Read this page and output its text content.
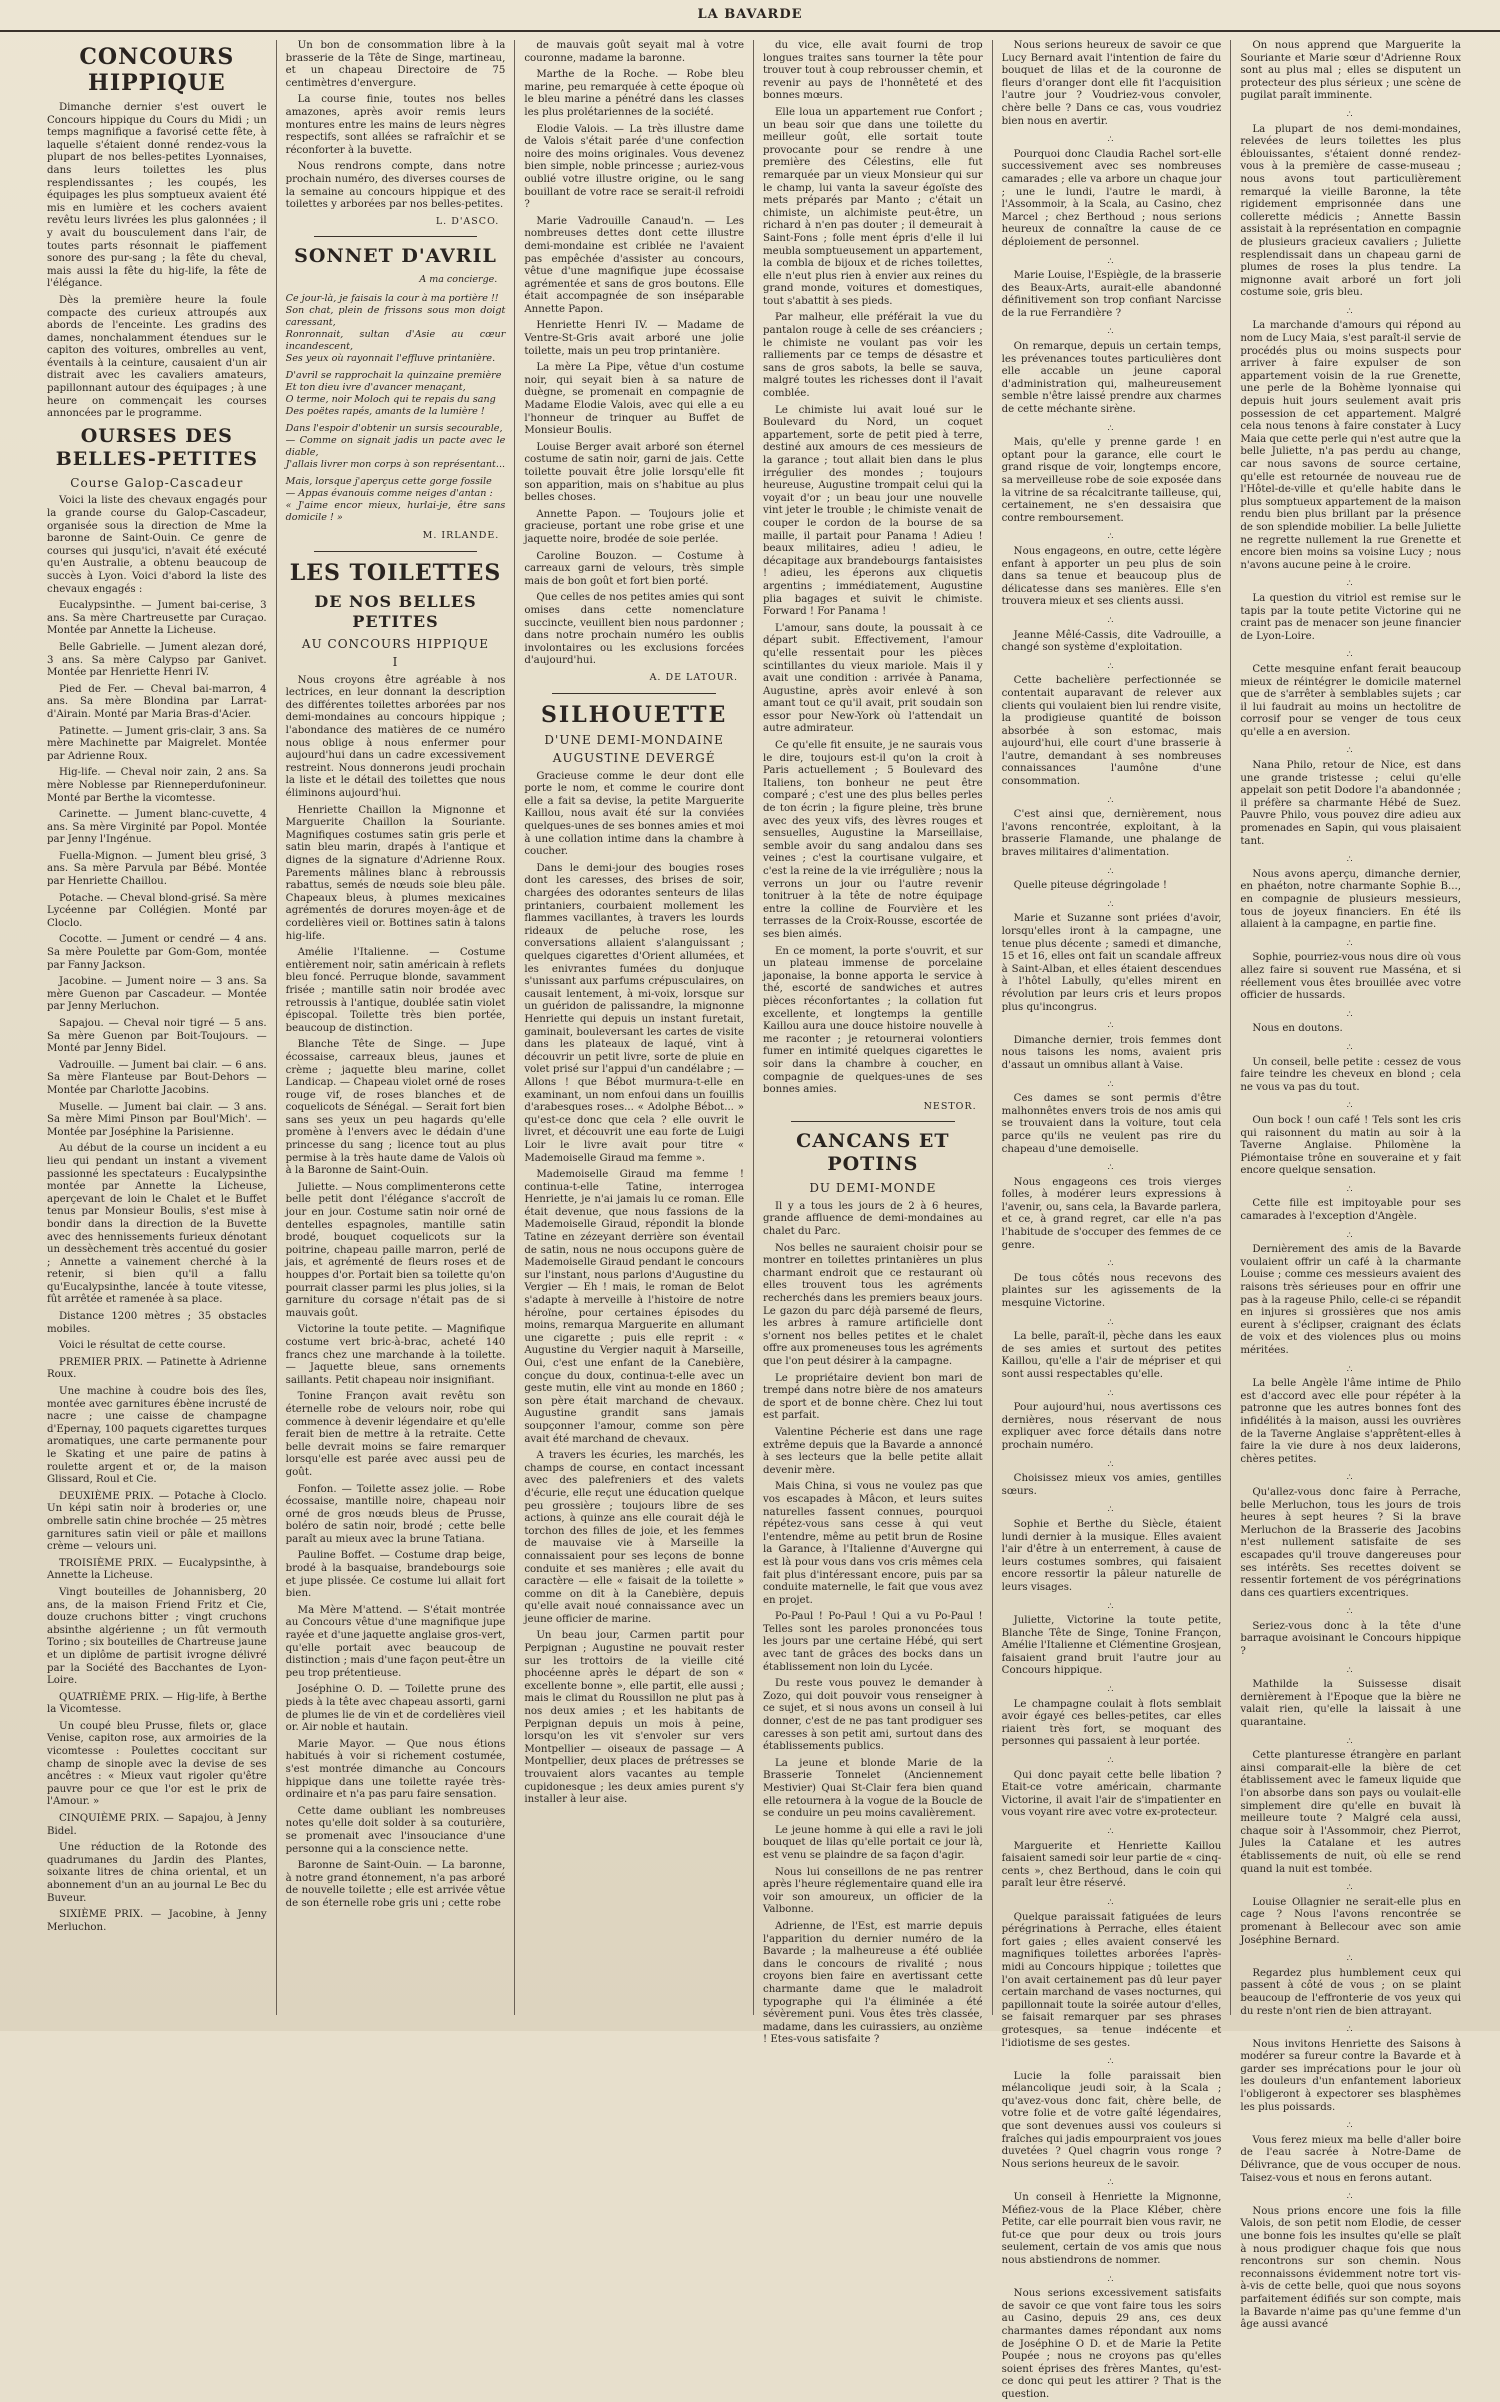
LA BAVARDE
CONCOURS HIPPIQUE

Dimanche dernier s'est ouvert le Concours hippique du Cours du Midi ; un temps magnifique a favorisé cette fête, à laquelle s'étaient donné rendez-vous la plupart de nos belles-petites Lyonnaises, dans leurs toilettes les plus resplendissantes ; les coupés, les équipages les plus somptueux avaient été mis en lumière et les cochers avaient revêtu leurs livrées les plus galonnées ; il y avait du bousculement dans l'air, de toutes parts résonnait le piaffement sonore des pur-sang ; la fête du cheval, mais aussi la fête du hig-life, la fête de l'élégance.

Dès la première heure la foule compacte des curieux attroupés aux abords de l'enceinte. Les gradins des dames, nonchalamment étendues sur le capiton des voitures, ombrelles au vent, éventails à la ceinture, causaient d'un air distrait avec les cavaliers amateurs, papillonnant autour des équipages ; à une heure on commençait les courses annoncées par le programme.

OURSES DES BELLES-PETITES
Course Galop-Cascadeur

Voici la liste des chevaux engagés pour la grande course du Galop-Cascadeur, organisée sous la direction de Mme la baronne de Saint-Ouin. Ce genre de courses qui jusqu'ici, n'avait été exécuté qu'en Australie, a obtenu beaucoup de succès à Lyon. Voici d'abord la liste des chevaux engagés :

Eucalypsinthe. — Jument bai-cerise, 3 ans. Sa mère Chartreusette par Curaçao. Montée par Annette la Licheuse.

Belle Gabrielle. — Jument alezan doré, 3 ans. Sa mère Calypso par Ganivet. Montée par Henriette Henri IV.

Pied de Fer. — Cheval bai-marron, 4 ans. Sa mère Blondina par Larrat-d'Airain. Monté par Maria Bras-d'Acier.

Patinette. — Jument gris-clair, 3 ans. Sa mère Machinette par Maigrelet. Montée par Adrienne Roux.

Hig-life. — Cheval noir zain, 2 ans. Sa mère Noblesse par Rienneperdufonineur. Monté par Berthe la vicomtesse.

Carinette. — Jument blanc-cuvette, 4 ans. Sa mère Virginité par Popol. Montée par Jenny l'Ingénue.

Fuella-Mignon. — Jument bleu grisé, 3 ans. Sa mère Parvula par Bébé. Montée par Henriette Chaillou.

Potache. — Cheval blond-grisé. Sa mère Lycéenne par Collégien. Monté par Cloclo.

Cocotte. — Jument or cendré — 4 ans. Sa mère Poulette par Gom-Gom, montée par Fanny Jackson.

Jacobine. — Jument noire — 3 ans. Sa mère Guenon par Cascadeur. — Montée par Jenny Merluchon.

Sapajou. — Cheval noir tigré — 5 ans. Sa mère Guenon par Boit-Toujours. — Monté par Jenny Bidel.

Vadrouille. — Jument bai clair. — 6 ans. Sa mère Flanteuse par Bout-Dehors — Montée par Charlotte Jacobins.

Muselle. — Jument bai clair. — 3 ans. Sa mère Mimi Pinson par Boul'Mich'. — Montée par Joséphine la Parisienne.

Au début de la course un incident a eu lieu qui pendant un instant a vivement passionné les spectateurs : Eucalypsinthe montée par Annette la Licheuse, aperçevant de loin le Chalet et le Buffet tenus par Monsieur Boulis, s'est mise à bondir dans la direction de la Buvette avec des hennissements furieux dénotant un dessèchement très accentué du gosier ; Annette a vainement cherché à la retenir, si bien qu'il a fallu qu'Eucalypsinthe, lancée à toute vitesse, fût arrêtée et ramenée à sa place.

Distance 1200 mètres ; 35 obstacles mobiles.

Voici le résultat de cette course.

PREMIER PRIX. — Patinette à Adrienne Roux.

Une machine à coudre bois des îles, montée avec garnitures ébène incrusté de nacre ; une caisse de champagne d'Epernay, 100 paquets cigarettes turques aromatiques, une carte permanente pour le Skating et une paire de patins à roulette argent et or, de la maison Glissard, Roul et Cie.

DEUXIÈME PRIX. — Potache à Cloclo. Un képi satin noir à broderies or, une ombrelle satin chine brochée — 25 mètres garnitures satin vieil or pâle et maillons crème — velours uni.

TROISIÈME PRIX. — Eucalypsinthe, à Annette la Licheuse.

Vingt bouteilles de Johannisberg, 20 ans, de la maison Friend Fritz et Cie, douze cruchons bitter ; vingt cruchons absinthe algérienne ; un fût vermouth Torino ; six bouteilles de Chartreuse jaune et un diplôme de partisit ivrogne délivré par la Société des Bacchantes de Lyon-Loire.

QUATRIÈME PRIX. — Hig-life, à Berthe la Vicomtesse.

Un coupé bleu Prusse, filets or, glace Venise, capiton rose, aux armoiries de la vicomtesse : Poulettes coccitant sur champ de sinople avec la devise de ses ancêtres : « Mieux vaut rigoler qu'être pauvre pour ce que l'or est le prix de l'Amour. »

CINQUIÈME PRIX. — Sapajou, à Jenny Bidel.

Une réduction de la Rotonde des quadrumanes du Jardin des Plantes, soixante litres de china oriental, et un abonnement d'un an au journal Le Bec du Buveur.

SIXIÈME PRIX. — Jacobine, à Jenny Merluchon.

Un bon de consommation libre à la brasserie de la Tête de Singe, martineau, et un chapeau Directoire de 75 centimètres d'envergure.

La course finie, toutes nos belles amazones, après avoir remis leurs montures entre les mains de leurs nègres respectifs, sont allées se rafraîchir et se réconforter à la buvette.

Nous rendrons compte, dans notre prochain numéro, des diverses courses de la semaine au concours hippique et des toilettes y arborées par nos belles-petites.

L. D'ASCO.
SONNET D'AVRIL
A ma concierge.
Ce jour-là, je faisais la cour à ma portière !!
Son chat, plein de frissons sous mon doigt caressant,
Ronronnait, sultan d'Asie au cœur incandescent,
Ses yeux où rayonnait l'effluve printanière.
D'avril se rapprochait la quinzaine première
Et ton dieu ivre d'avancer menaçant,
O terme, noir Moloch qui te repais du sang
Des poëtes rapés, amants de la lumière !
Dans l'espoir d'obtenir un sursis secourable,
— Comme on signait jadis un pacte avec le diable,
J'allais livrer mon corps à son représentant...
Mais, lorsque j'aperçus cette gorge fossile
— Appas évanouis comme neiges d'antan :
« J'aime encor mieux, hurlai-je, être sans domicile ! »
M. IRLANDE.
LES TOILETTES
DE NOS BELLES PETITES
AU CONCOURS HIPPIQUE
I

Nous croyons être agréable à nos lectrices, en leur donnant la description des différentes toilettes arborées par nos demi-mondaines au concours hippique ; l'abondance des matières de ce numéro nous oblige à nous enfermer pour aujourd'hui dans un cadre excessivement restreint. Nous donnerons jeudi prochain la liste et le détail des toilettes que nous éliminons aujourd'hui.

Henriette Chaillon la Mignonne et Marguerite Chaillon la Souriante. Magnifiques costumes satin gris perle et satin bleu marin, drapés à l'antique et dignes de la signature d'Adrienne Roux. Parements mâlines blanc à rebroussis rabattus, semés de nœuds soie bleu pâle. Chapeaux bleus, à plumes mexicaines agrémentés de dorures moyen-âge et de cordelières vieil or. Bottines satin à talons hig-life.

Amélie l'Italienne. — Costume entièrement noir, satin américain à reflets bleu foncé. Perruque blonde, savamment frisée ; mantille satin noir brodée avec retroussis à l'antique, doublée satin violet épiscopal. Toilette très bien portée, beaucoup de distinction.

Blanche Tête de Singe. — Jupe écossaise, carreaux bleus, jaunes et crème ; jaquette bleu marine, collet Landicap. — Chapeau violet orné de roses rouge vif, de roses blanches et de coquelicots de Sénégal. — Serait fort bien sans ses yeux un peu hagards qu'elle promène à l'envers avec le dédain d'une princesse du sang ; licence tout au plus permise à la très haute dame de Valois où à la Baronne de Saint-Ouin.

Juliette. — Nous complimenterons cette belle petit dont l'élégance s'accroît de jour en jour. Costume satin noir orné de dentelles espagnoles, mantille satin brodé, bouquet coquelicots sur la poitrine, chapeau paille marron, perlé de jais, et agrémenté de fleurs roses et de houppes d'or. Portait bien sa toilette qu'on pourrait classer parmi les plus jolies, si la garniture du corsage n'était pas de si mauvais goût.

Victorine la toute petite. — Magnifique costume vert bric-à-brac, acheté 140 francs chez une marchande à la toilette. — Jaquette bleue, sans ornements saillants. Petit chapeau noir insignifiant.

Tonine Françon avait revêtu son éternelle robe de velours noir, robe qui commence à devenir légendaire et qu'elle ferait bien de mettre à la retraite. Cette belle devrait moins se faire remarquer lorsqu'elle est parée avec aussi peu de goût.

Fonfon. — Toilette assez jolie. — Robe écossaise, mantille noire, chapeau noir orné de gros nœuds bleus de Prusse, boléro de satin noir, brodé ; cette belle paraît au mieux avec la brune Tatiana.

Pauline Boffet. — Costume drap beige, brodé à la basquaise, brandebourgs soie et jupe plissée. Ce costume lui allait fort bien.

Ma Mère M'attend. — S'était montrée au Concours vêtue d'une magnifique jupe rayée et d'une jaquette anglaise gros-vert, qu'elle portait avec beaucoup de distinction ; mais d'une façon peut-être un peu trop prétentieuse.

Joséphine O. D. — Toilette prune des pieds à la tête avec chapeau assorti, garni de plumes lie de vin et de cordelières vieil or. Air noble et hautain.

Marie Mayor. — Que nous étions habitués à voir si richement costumée, s'est montrée dimanche au Concours hippique dans une toilette rayée très-ordinaire et n'a pas paru faire sensation.

Cette dame oubliant les nombreuses notes qu'elle doit solder à sa couturière, se promenait avec l'insouciance d'une personne qui a la conscience nette.

Baronne de Saint-Ouin. — La baronne, à notre grand étonnement, n'a pas arboré de nouvelle toilette ; elle est arrivée vêtue de son éternelle robe gris uni ; cette robe

de mauvais goût seyait mal à votre couronne, madame la baronne.

Marthe de la Roche. — Robe bleu marine, peu remarquée à cette époque où le bleu marine a pénétré dans les classes les plus prolétariennes de la société.

Elodie Valois. — La très illustre dame de Valois s'était parée d'une confection noire des moins originales. Vous devenez bien simple, noble princesse ; auriez-vous oublié votre illustre origine, ou le sang bouillant de votre race se serait-il refroidi ?

Marie Vadrouille Canaud'n. — Les nombreuses dettes dont cette illustre demi-mondaine est criblée ne l'avaient pas empêchée d'assister au concours, vêtue d'une magnifique jupe écossaise agrémentée et sans de gros boutons. Elle était accompagnée de son inséparable Annette Papon.

Henriette Henri IV. — Madame de Ventre-St-Gris avait arboré une jolie toilette, mais un peu trop printanière.

La mère La Pipe, vêtue d'un costume noir, qui seyait bien à sa nature de duègne, se promenait en compagnie de Madame Elodie Valois, avec qui elle a eu l'honneur de trinquer au Buffet de Monsieur Boulis.

Louise Berger avait arboré son éternel costume de satin noir, garni de jais. Cette toilette pouvait être jolie lorsqu'elle fit son apparition, mais on s'habitue au plus belles choses.

Annette Papon. — Toujours jolie et gracieuse, portant une robe grise et une jaquette noire, brodée de soie perlée.

Caroline Bouzon. — Costume à carreaux garni de velours, très simple mais de bon goût et fort bien porté.

Que celles de nos petites amies qui sont omises dans cette nomenclature succincte, veuillent bien nous pardonner ; dans notre prochain numéro les oublis involontaires ou les exclusions forcées d'aujourd'hui.

A. DE LATOUR.
SILHOUETTE
D'UNE DEMI-MONDAINE
AUGUSTINE DEVERGÉ

Gracieuse comme le deur dont elle porte le nom, et comme le courire dont elle a fait sa devise, la petite Marguerite Kaillou, nous avait été sur la conviées quelques-unes de ses bonnes amies et moi à une collation intime dans la chambre à coucher.

Dans le demi-jour des bougies roses dont les caresses, des brises de soir, chargées des odorantes senteurs de lilas printaniers, courbaient mollement les flammes vacillantes, à travers les lourds rideaux de peluche rose, les conversations allaient s'alanguissant ; quelques cigarettes d'Orient allumées, et les enivrantes fumées du donjuque s'unissant aux parfums crépusculaires, on causait lentement, à mi-voix, lorsque sur un guéridon de palissandre, la mignonne Henriette qui depuis un instant furetait, gaminait, bouleversant les cartes de visite dans les plateaux de laqué, vint à découvrir un petit livre, sorte de pluie en volet prisé sur l'appui d'un candélabre ; — Allons ! que Bébot murmura-t-elle en examinant, un nom enfoui dans un fouillis d'arabesques roses... « Adolphe Bébot... » qu'est-ce donc que cela ? elle ouvrit le livret, et découvrit une eau forte de Luigi Loir le livre avait pour titre « Mademoiselle Giraud ma femme ».

Mademoiselle Giraud ma femme ! continua-t-elle Tatine, interrogea Henriette, je n'ai jamais lu ce roman. Elle était devenue, que nous fassions de la Mademoiselle Giraud, répondit la blonde Tatine en zézeyant derrière son éventail de satin, nous ne nous occupons guère de Mademoiselle Giraud pendant le concours sur l'instant, nous parlons d'Augustine du Vergier — Eh ! mais, le roman de Belot s'adapte à merveille à l'histoire de notre héroïne, pour certaines épisodes du moins, remarqua Marguerite en allumant une cigarette ; puis elle reprit : « Augustine du Vergier naquit à Marseille, Oui, c'est une enfant de la Canebière, conçue du doux, continua-t-elle avec un geste mutin, elle vint au monde en 1860 ; son père était marchand de chevaux. Augustine grandit sans jamais soupçonner l'amour, comme son père avait été marchand de chevaux.

A travers les écuries, les marchés, les champs de course, en contact incessant avec des palefreniers et des valets d'écurie, elle reçut une éducation quelque peu grossière ; toujours libre de ses actions, à quinze ans elle courait déjà le torchon des filles de joie, et les femmes de mauvaise vie à Marseille la connaissaient pour ses leçons de bonne conduite et ses manières ; elle avait du caractère — elle « faisait de la toilette » comme on dit à la Canebière, depuis qu'elle avait noué connaissance avec un jeune officier de marine.

Un beau jour, Carmen partit pour Perpignan ; Augustine ne pouvait rester sur les trottoirs de la vieille cité phocéenne après le départ de son « excellente bonne », elle partit, elle aussi ; mais le climat du Roussillon ne plut pas à nos deux amies ; et les habitants de Perpignan depuis un mois à peine, lorsqu'on les vit s'envoler sur vers Montpellier — oiseaux de passage — A Montpellier, deux places de prétresses se trouvaient alors vacantes au temple cupidonesque ; les deux amies purent s'y installer à leur aise.

du vice, elle avait fourni de trop longues traites sans tourner la tête pour trouver tout à coup rebrousser chemin, et revenir au pays de l'honnêteté et des bonnes mœurs.

Elle loua un appartement rue Confort ; un beau soir que dans une toilette du meilleur goût, elle sortait toute provocante pour se rendre à une première des Célestins, elle fut remarquée par un vieux Monsieur qui sur le champ, lui vanta la saveur égoïste des mets préparés par Manto ; c'était un chimiste, un alchimiste peut-être, un richard à n'en pas douter ; il demeurait à Saint-Fons ; folle ment épris d'elle il lui meubla somptueusement un appartement, la combla de bijoux et de riches toilettes, elle n'eut plus rien à envier aux reines du grand monde, voitures et domestiques, tout s'abattit à ses pieds.

Par malheur, elle préférait la vue du pantalon rouge à celle de ses créanciers ; le chimiste ne voulant pas voir les ralliements par ce temps de désastre et sans de gros sabots, la belle se sauva, malgré toutes les richesses dont il l'avait comblée.

Le chimiste lui avait loué sur le Boulevard du Nord, un coquet appartement, sorte de petit pied à terre, destiné aux amours de ces messieurs de la garance ; tout allait bien dans le plus irrégulier des mondes ; toujours heureuse, Augustine trompait celui qui la voyait d'or ; un beau jour une nouvelle vint jeter le trouble ; le chimiste venait de couper le cordon de la bourse de sa maille, il partait pour Panama ! Adieu ! beaux militaires, adieu ! adieu, le décapitage aux brandebourgs fantaisistes ! adieu, les éperons aux cliquetis argentins ; immédiatement, Augustine plia bagages et suivit le chimiste. Forward ! For Panama !

L'amour, sans doute, la poussait à ce départ subit. Effectivement, l'amour qu'elle ressentait pour les pièces scintillantes du vieux mariole. Mais il y avait une condition : arrivée à Panama, Augustine, après avoir enlevé à son amant tout ce qu'il avait, prit soudain son essor pour New-York où l'attendait un autre admirateur.

Ce qu'elle fit ensuite, je ne saurais vous le dire, toujours est-il qu'on la croit à Paris actuellement ; 5 Boulevard des Italiens, ton bonheur ne peut être comparé ; c'est une des plus belles perles de ton écrin ; la figure pleine, très brune avec des yeux vifs, des lèvres rouges et sensuelles, Augustine la Marseillaise, semble avoir du sang andalou dans ses veines ; c'est la courtisane vulgaire, et c'est la reine de la vie irrégulière ; nous la verrons un jour ou l'autre revenir tonitruer à la tête de notre équipage entre la colline de Fourvière et les terrasses de la Croix-Rousse, escortée de ses bien aimés.

En ce moment, la porte s'ouvrit, et sur un plateau immense de porcelaine japonaise, la bonne apporta le service à thé, escorté de sandwiches et autres pièces réconfortantes ; la collation fut excellente, et longtemps la gentille Kaillou aura une douce histoire nouvelle à me raconter ; je retournerai volontiers fumer en intimité quelques cigarettes le soir dans la chambre à coucher, en compagnie de quelques-unes de ses bonnes amies.

NESTOR.
CANCANS ET POTINS
DU DEMI-MONDE

Il y a tous les jours de 2 à 6 heures, grande affluence de demi-mondaines au chalet du Parc.

Nos belles ne sauraient choisir pour se montrer en toilettes printanières un plus charmant endroit que ce restaurant où elles trouvent tous les agréments recherchés dans les premiers beaux jours. Le gazon du parc déjà parsemé de fleurs, les arbres à ramure artificielle dont s'ornent nos belles petites et le chalet offre aux promeneuses tous les agréments que l'on peut désirer à la campagne.

Le propriétaire devient bon mari de trempé dans notre bière de nos amateurs de sport et de bonne chère. Chez lui tout est parfait.

Valentine Pécherie est dans une rage extrême depuis que la Bavarde a annoncé à ses lecteurs que la belle petite allait devenir mère.

Mais China, si vous ne voulez pas que vos escapades à Mâcon, et leurs suites naturelles fassent connues, pourquoi répétez-vous sans cesse à qui veut l'entendre, même au petit brun de Rosine la Garance, à l'Italienne d'Auvergne qui est là pour vous dans vos cris mêmes cela fait plus d'intéressant encore, puis par sa conduite maternelle, le fait que vous avez en projet.

Po-Paul ! Po-Paul ! Qui a vu Po-Paul ! Telles sont les paroles prononcées tous les jours par une certaine Hébé, qui sert avec tant de grâces des bocks dans un établissement non loin du Lycée.

Du reste vous pouvez le demander à Zozo, qui doit pouvoir vous renseigner à ce sujet, et si nous avons un conseil à lui donner, c'est de ne pas tant prodiguer ses caresses à son petit ami, surtout dans des établissements publics.

La jeune et blonde Marie de la Brasserie Tonnelet (Anciennement Mestivier) Quai St-Clair fera bien quand elle retournera à la vogue de la Boucle de se conduire un peu moins cavalièrement.

Le jeune homme à qui elle a ravi le joli bouquet de lilas qu'elle portait ce jour là, est venu se plaindre de sa façon d'agir.

Nous lui conseillons de ne pas rentrer après l'heure réglementaire quand elle ira voir son amoureux, un officier de la Valbonne.

Adrienne, de l'Est, est marrie depuis l'apparition du dernier numéro de la Bavarde ; la malheureuse a été oubliée dans le concours de rivalité ; nous croyons bien faire en avertissant cette charmante dame que le maladroit typographe qui l'a éliminée a été sévèrement puni. Vous êtes très classée, madame, dans les cuirassiers, au onzième ! Etes-vous satisfaite ?

Nous serions heureux de savoir ce que Lucy Bernard avait l'intention de faire du bouquet de lilas et de la couronne de fleurs d'oranger dont elle fit l'acquisition l'autre jour ? Voudriez-vous convoler, chère belle ? Dans ce cas, vous voudriez bien nous en avertir.

∴

Pourquoi donc Claudia Rachel sort-elle successivement avec ses nombreuses camarades ; elle va arbore un chaque jour ; une le lundi, l'autre le mardi, à l'Assommoir, à la Scala, au Casino, chez Marcel ; chez Berthoud ; nous serions heureux de connaître la cause de ce déploiement de personnel.

∴

Marie Louise, l'Espiègle, de la brasserie des Beaux-Arts, aurait-elle abandonné définitivement son trop confiant Narcisse de la rue Ferrandière ?

∴

On remarque, depuis un certain temps, les prévenances toutes particulières dont elle accable un jeune caporal d'administration qui, malheureusement semble n'être laissé prendre aux charmes de cette méchante sirène.

∴

Mais, qu'elle y prenne garde ! en optant pour la garance, elle court le grand risque de voir, longtemps encore, sa merveilleuse robe de soie exposée dans la vitrine de sa récalcitrante tailleuse, qui, certainement, ne s'en dessaisira que contre remboursement.

∴

Nous engageons, en outre, cette légère enfant à apporter un peu plus de soin dans sa tenue et beaucoup plus de délicatesse dans ses manières. Elle s'en trouvera mieux et ses clients aussi.

∴

Jeanne Mêlé-Cassis, dite Vadrouille, a changé son système d'exploitation.

∴

Cette bachelière perfectionnée se contentait auparavant de relever aux clients qui voulaient bien lui rendre visite, la prodigieuse quantité de boisson absorbée à son estomac, mais aujourd'hui, elle court d'une brasserie à l'autre, demandant à ses nombreuses connaissances l'aumône d'une consommation.

∴

C'est ainsi que, dernièrement, nous l'avons rencontrée, exploitant, à la brasserie Flamande, une phalange de braves militaires d'alimentation.

∴

Quelle piteuse dégringolade !

∴

Marie et Suzanne sont priées d'avoir, lorsqu'elles iront à la campagne, une tenue plus décente ; samedi et dimanche, 15 et 16, elles ont fait un scandale affreux à Saint-Alban, et elles étaient descendues à l'hôtel Labully, qu'elles mirent en révolution par leurs cris et leurs propos plus qu'incongrus.

∴

Dimanche dernier, trois femmes dont nous taisons les noms, avaient pris d'assaut un omnibus allant à Vaise.

∴

Ces dames se sont permis d'être malhonnêtes envers trois de nos amis qui se trouvaient dans la voiture, tout cela parce qu'ils ne veulent pas rire du chapeau d'une demoiselle.

∴

Nous engageons ces trois vierges folles, à modérer leurs expressions à l'avenir, ou, sans cela, la Bavarde parlera, et ce, à grand regret, car elle n'a pas l'habitude de s'occuper des femmes de ce genre.

∴

De tous côtés nous recevons des plaintes sur les agissements de la mesquine Victorine.

∴

La belle, paraît-il, pèche dans les eaux de ses amies et surtout des petites Kaillou, qu'elle a l'air de mépriser et qui sont aussi respectables qu'elle.

∴

Pour aujourd'hui, nous avertissons ces dernières, nous réservant de nous expliquer avec force détails dans notre prochain numéro.

∴

Choisissez mieux vos amies, gentilles sœurs.

∴

Sophie et Berthe du Siècle, étaient lundi dernier à la musique. Elles avaient l'air d'être à un enterrement, à cause de leurs costumes sombres, qui faisaient encore ressortir la pâleur naturelle de leurs visages.

∴

Juliette, Victorine la toute petite, Blanche Tête de Singe, Tonine Françon, Amélie l'Italienne et Clémentine Grosjean, faisaient grand bruit l'autre jour au Concours hippique.

∴

Le champagne coulait à flots semblait avoir égayé ces belles-petites, car elles riaient très fort, se moquant des personnes qui passaient à leur portée.

∴

Qui donc payait cette belle libation ? Etait-ce votre américain, charmante Victorine, il avait l'air de s'impatienter en vous voyant rire avec votre ex-protecteur.

∴

Marguerite et Henriette Kaillou faisaient samedi soir leur partie de « cinq-cents », chez Berthoud, dans le coin qui paraît leur être réservé.

∴

Quelque paraissait fatiguées de leurs pérégrinations à Perrache, elles étaient fort gaies ; elles avaient conservé les magnifiques toilettes arborées l'après-midi au Concours hippique ; toilettes que l'on avait certainement pas dû leur payer certain marchand de vases nocturnes, qui papillonnait toute la soirée autour d'elles, se faisait remarquer par ses phrases grotesques, sa tenue indécente et l'idiotisme de ses gestes.

∴

Lucie la folle paraissait bien mélancolique jeudi soir, à la Scala ; qu'avez-vous donc fait, chère belle, de votre folie et de votre gaîté légendaires, que sont devenues aussi vos couleurs si fraîches qui jadis empourpraient vos joues duvetées ? Quel chagrin vous ronge ? Nous serions heureux de le savoir.

∴

Un conseil à Henriette la Mignonne, Méfiez-vous de la Place Kléber, chère Petite, car elle pourrait bien vous ravir, ne fut-ce que pour deux ou trois jours seulement, certain de vos amis que nous nous abstiendrons de nommer.

∴

Nous serions excessivement satisfaits de savoir ce que vont faire tous les soirs au Casino, depuis 29 ans, ces deux charmantes dames répondant aux noms de Joséphine O D. et de Marie la Petite Poupée ; nous ne croyons pas qu'elles soient éprises des frères Mantes, qu'est-ce donc qui peut les attirer ? That is the question.

On nous apprend que Marguerite la Souriante et Marie sœur d'Adrienne Roux sont au plus mal ; elles se disputent un protecteur des plus sérieux ; une scène de pugilat paraît imminente.

∴

La plupart de nos demi-mondaines, relevées de leurs toilettes les plus éblouissantes, s'étaient donné rendez-vous à la première de casse-museau ; nous avons tout particulièrement remarqué la vieille Baronne, la tête rigidement emprisonnée dans une collerette médicis ; Annette Bassin assistait à la représentation en compagnie de plusieurs gracieux cavaliers ; Juliette resplendissait dans un chapeau garni de plumes de roses la plus tendre. La mignonne avait arboré un fort joli costume soie, gris bleu.

∴

La marchande d'amours qui répond au nom de Lucy Maia, s'est paraît-il servie de procédés plus ou moins suspects pour arriver à faire expulser de son appartement voisin de la rue Grenette, une perle de la Bohème lyonnaise qui depuis huit jours seulement avait pris possession de cet appartement. Malgré cela nous tenons à faire constater à Lucy Maia que cette perle qui n'est autre que la belle Juliette, n'a pas perdu au change, car nous savons de source certaine, qu'elle est retournée de nouveau rue de l'Hôtel-de-ville et qu'elle habite dans le plus somptueux appartement de la maison rendu bien plus brillant par la présence de son splendide mobilier. La belle Juliette ne regrette nullement la rue Grenette et encore bien moins sa voisine Lucy ; nous n'avons aucune peine à le croire.

∴

La question du vitriol est remise sur le tapis par la toute petite Victorine qui ne craint pas de menacer son jeune financier de Lyon-Loire.

∴

Cette mesquine enfant ferait beaucoup mieux de réintégrer le domicile maternel que de s'arrêter à semblables sujets ; car il lui faudrait au moins un hectolitre de corrosif pour se venger de tous ceux qu'elle a en aversion.

∴

Nana Philo, retour de Nice, est dans une grande tristesse ; celui qu'elle appelait son petit Dodore l'a abandonnée ; il préfère sa charmante Hébé de Suez. Pauvre Philo, vous pouvez dire adieu aux promenades en Sapin, qui vous plaisaient tant.

∴

Nous avons aperçu, dimanche dernier, en phaéton, notre charmante Sophie B..., en compagnie de plusieurs messieurs, tous de joyeux financiers. En été ils allaient à la campagne, en partie fine.

∴

Sophie, pourriez-vous nous dire où vous allez faire si souvent rue Masséna, et si réellement vous êtes brouillée avec votre officier de hussards.

∴

Nous en doutons.

∴

Un conseil, belle petite : cessez de vous faire teindre les cheveux en blond ; cela ne vous va pas du tout.

∴

Oun bock ! oun café ! Tels sont les cris qui raisonnent du matin au soir à la Taverne Anglaise. Philomène la Piémontaise trône en souveraine et y fait encore quelque sensation.

∴

Cette fille est impitoyable pour ses camarades à l'exception d'Angèle.

∴

Dernièrement des amis de la Bavarde voulaient offrir un café à la charmante Louise ; comme ces messieurs avaient des raisons très sérieuses pour en offrir une pas à la rageuse Philo, celle-ci se répandit en injures si grossières que nos amis eurent à s'éclipser, craignant des éclats de voix et des violences plus ou moins méritées.

∴

La belle Angèle l'âme intime de Philo est d'accord avec elle pour répéter à la patronne que les autres bonnes font des infidélités à la maison, aussi les ouvrières de la Taverne Anglaise s'apprêtent-elles à faire la vie dure à nos deux laiderons, chères petites.

∴

Qu'allez-vous donc faire à Perrache, belle Merluchon, tous les jours de trois heures à sept heures ? Si la brave Merluchon de la Brasserie des Jacobins n'est nullement satisfaite de ses escapades qu'il trouve dangereuses pour ses intérêts. Ses recettes doivent se ressentir fortement de vos pérégrinations dans ces quartiers excentriques.

∴

Seriez-vous donc à la tête d'une barraque avoisinant le Concours hippique ?

∴

Mathilde la Suissesse disait dernièrement à l'Epoque que la bière ne valait rien, qu'elle la laissait à une quarantaine.

∴

Cette planturesse étrangère en parlant ainsi comparait-elle la bière de cet établissement avec le fameux liquide que l'on absorbe dans son pays ou voulait-elle simplement dire qu'elle en buvait là meilleure toute ? Malgré cela aussi, chaque soir à l'Assommoir, chez Pierrot, Jules la Catalane et les autres établissements de nuit, où elle se rend quand la nuit est tombée.

∴

Louise Ollagnier ne serait-elle plus en cage ? Nous l'avons rencontrée se promenant à Bellecour avec son amie Joséphine Bernard.

∴

Regardez plus humblement ceux qui passent à côté de vous ; on se plaint beaucoup de l'effronterie de vos yeux qui du reste n'ont rien de bien attrayant.

∴

Nous invitons Henriette des Saisons à modérer sa fureur contre la Bavarde et à garder ses imprécations pour le jour où les douleurs d'un enfantement laborieux l'obligeront à expectorer ses blasphèmes les plus poissards.

∴

Vous ferez mieux ma belle d'aller boire de l'eau sacrée à Notre-Dame de Délivrance, que de vous occuper de nous. Taisez-vous et nous en ferons autant.

∴

Nous prions encore une fois la fille Valois, de son petit nom Elodie, de cesser une bonne fois les insultes qu'elle se plaît à nous prodiguer chaque fois que nous rencontrons sur son chemin. Nous reconnaissons évidemment notre tort vis-à-vis de cette belle, quoi que nous soyons parfaitement édifiés sur son compte, mais la Bavarde n'aime pas qu'une femme d'un âge aussi avancé
